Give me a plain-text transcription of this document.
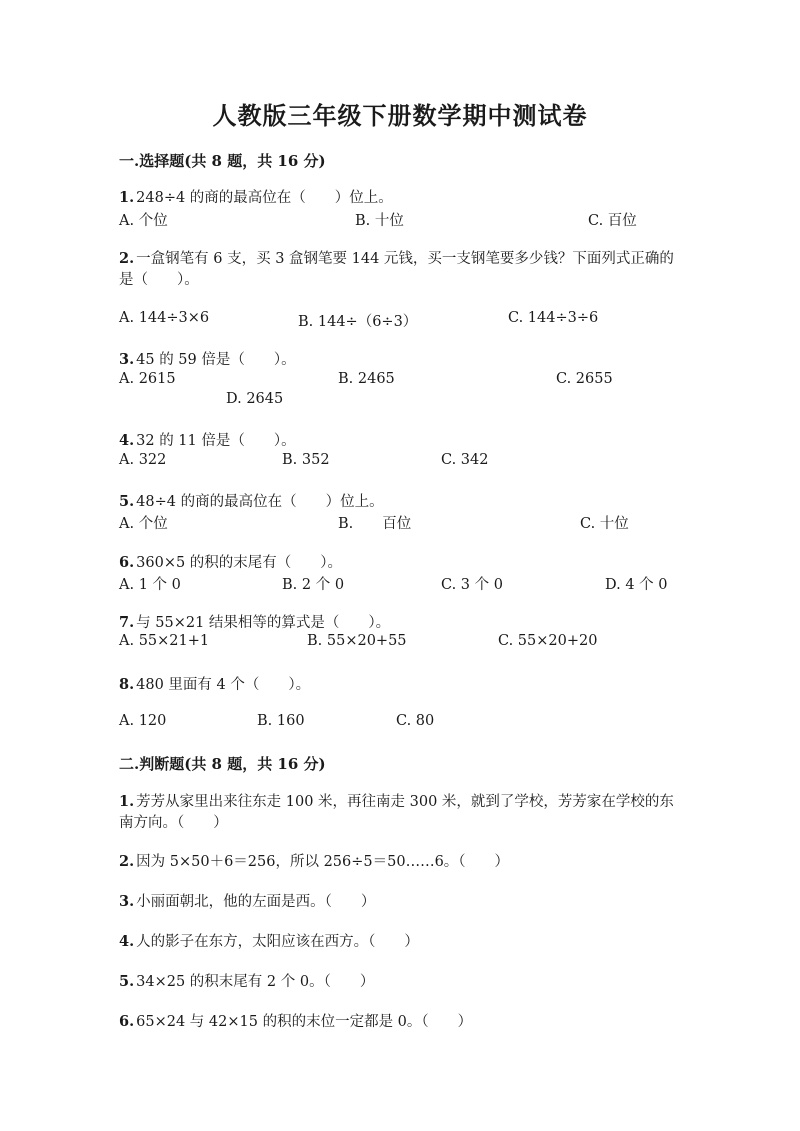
人教版三年级下册数学期中测试卷
一.选择题(共 8 题，共 16 分)
1. 248÷4 的商的最高位在（　　）位上。
A. 个位	B. 十位	C. 百位
2. 一盒钢笔有 6 支，买 3 盒钢笔要 144 元钱，买一支钢笔要多少钱？下面列式正确的是（　　）。
A. 144÷3×6	B. 144÷（6÷3）	C. 144÷3÷6
3. 45 的 59 倍是（　　）。
A. 2615	B. 2465	C. 2655
D. 2645
4. 32 的 11 倍是（　　）。
A. 322	B. 352	C. 342
5. 48÷4 的商的最高位在（　　）位上。
A. 个位	B.　　百位	C. 十位
6. 360×5 的积的末尾有（　　）。
A. 1 个 0	B. 2 个 0	C. 3 个 0	D. 4 个 0
7. 与 55×21 结果相等的算式是（　　）。
A. 55×21+1	B. 55×20+55	C. 55×20+20
8. 480 里面有 4 个（　　）。
A. 120	B. 160	C. 80
二.判断题(共 8 题，共 16 分)
1. 芳芳从家里出来往东走 100 米，再往南走 300 米，就到了学校，芳芳家在学校的东南方向。（　　）
2. 因为 5×50＋6＝256，所以 256÷5＝50……6。（　　）
3. 小丽面朝北，他的左面是西。（　　）
4. 人的影子在东方，太阳应该在西方。（　　）
5. 34×25 的积末尾有 2 个 0。（　　）
6. 65×24 与 42×15 的积的末位一定都是 0。（　　）
